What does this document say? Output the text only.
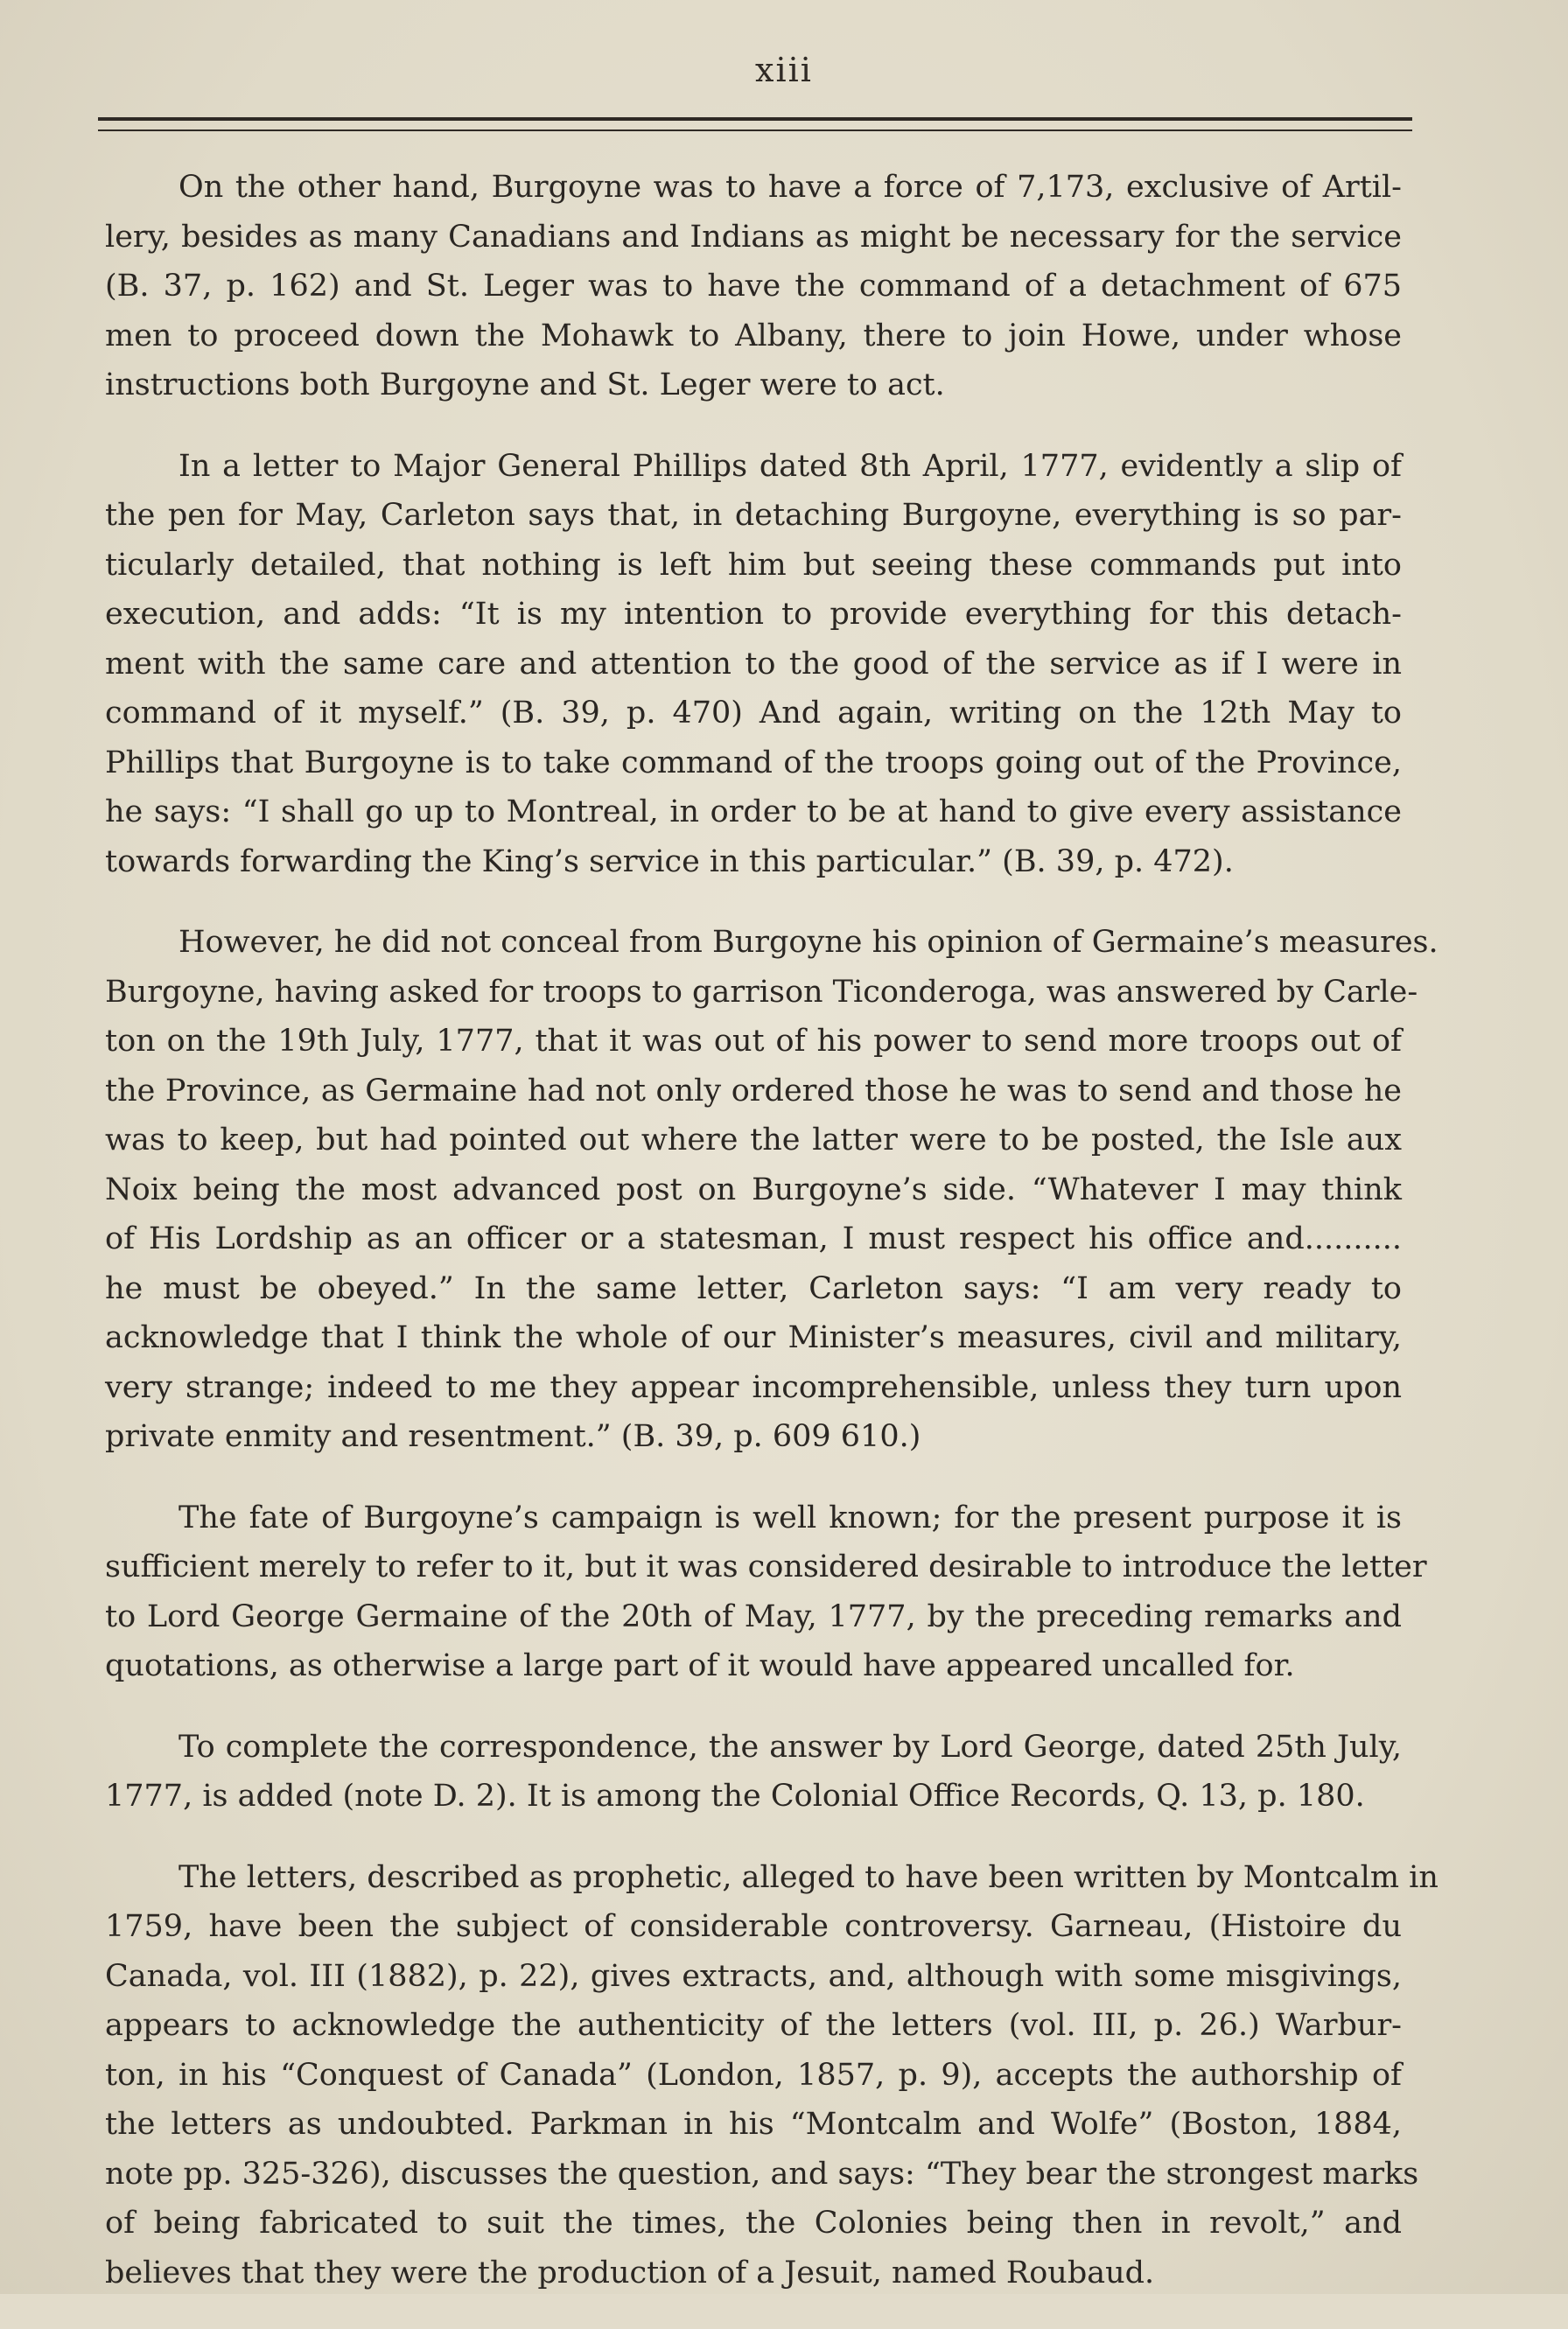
xiii
On the other hand, Burgoyne was to have a force of 7,173, exclusive of Artil-
lery, besides as many Canadians and Indians as might be necessary for the service
(B. 37, p. 162) and St. Leger was to have the command of a detachment of 675
men to proceed down the Mohawk to Albany, there to join Howe, under whose
instructions both Burgoyne and St. Leger were to act.
In a letter to Major General Phillips dated 8th April, 1777, evidently a slip of
the pen for May, Carleton says that, in detaching Burgoyne, everything is so par-
ticularly detailed, that nothing is left him but seeing these commands put into
execution, and adds: “It is my intention to provide everything for this detach-
ment with the same care and attention to the good of the service as if I were in
command of it myself.” (B. 39, p. 470) And again, writing on the 12th May to
Phillips that Burgoyne is to take command of the troops going out of the Province,
he says: “I shall go up to Montreal, in order to be at hand to give every assistance
towards forwarding the King’s service in this particular.” (B. 39, p. 472).
However, he did not conceal from Burgoyne his opinion of Germaine’s measures.
Burgoyne, having asked for troops to garrison Ticonderoga, was answered by Carle-
ton on the 19th July, 1777, that it was out of his power to send more troops out of
the Province, as Germaine had not only ordered those he was to send and those he
was to keep, but had pointed out where the latter were to be posted, the Isle aux
Noix being the most advanced post on Burgoyne’s side. “Whatever I may think
of His Lordship as an officer or a statesman, I must respect his office and..........
he must be obeyed.” In the same letter, Carleton says: “I am very ready to
acknowledge that I think the whole of our Minister’s measures, civil and military,
very strange; indeed to me they appear incomprehensible, unless they turn upon
private enmity and resentment.” (B. 39, p. 609 610.)
The fate of Burgoyne’s campaign is well known; for the present purpose it is
sufficient merely to refer to it, but it was considered desirable to introduce the letter
to Lord George Germaine of the 20th of May, 1777, by the preceding remarks and
quotations, as otherwise a large part of it would have appeared uncalled for.
To complete the correspondence, the answer by Lord George, dated 25th July,
1777, is added (note D. 2). It is among the Colonial Office Records, Q. 13, p. 180.
The letters, described as prophetic, alleged to have been written by Montcalm in
1759, have been the subject of considerable controversy. Garneau, (Histoire du
Canada, vol. III (1882), p. 22), gives extracts, and, although with some misgivings,
appears to acknowledge the authenticity of the letters (vol. III, p. 26.) Warbur-
ton, in his “Conquest of Canada” (London, 1857, p. 9), accepts the authorship of
the letters as undoubted. Parkman in his “Montcalm and Wolfe” (Boston, 1884,
note pp. 325-326), discusses the question, and says: “They bear the strongest marks
of being fabricated to suit the times, the Colonies being then in revolt,” and
believes that they were the production of a Jesuit, named Roubaud.
